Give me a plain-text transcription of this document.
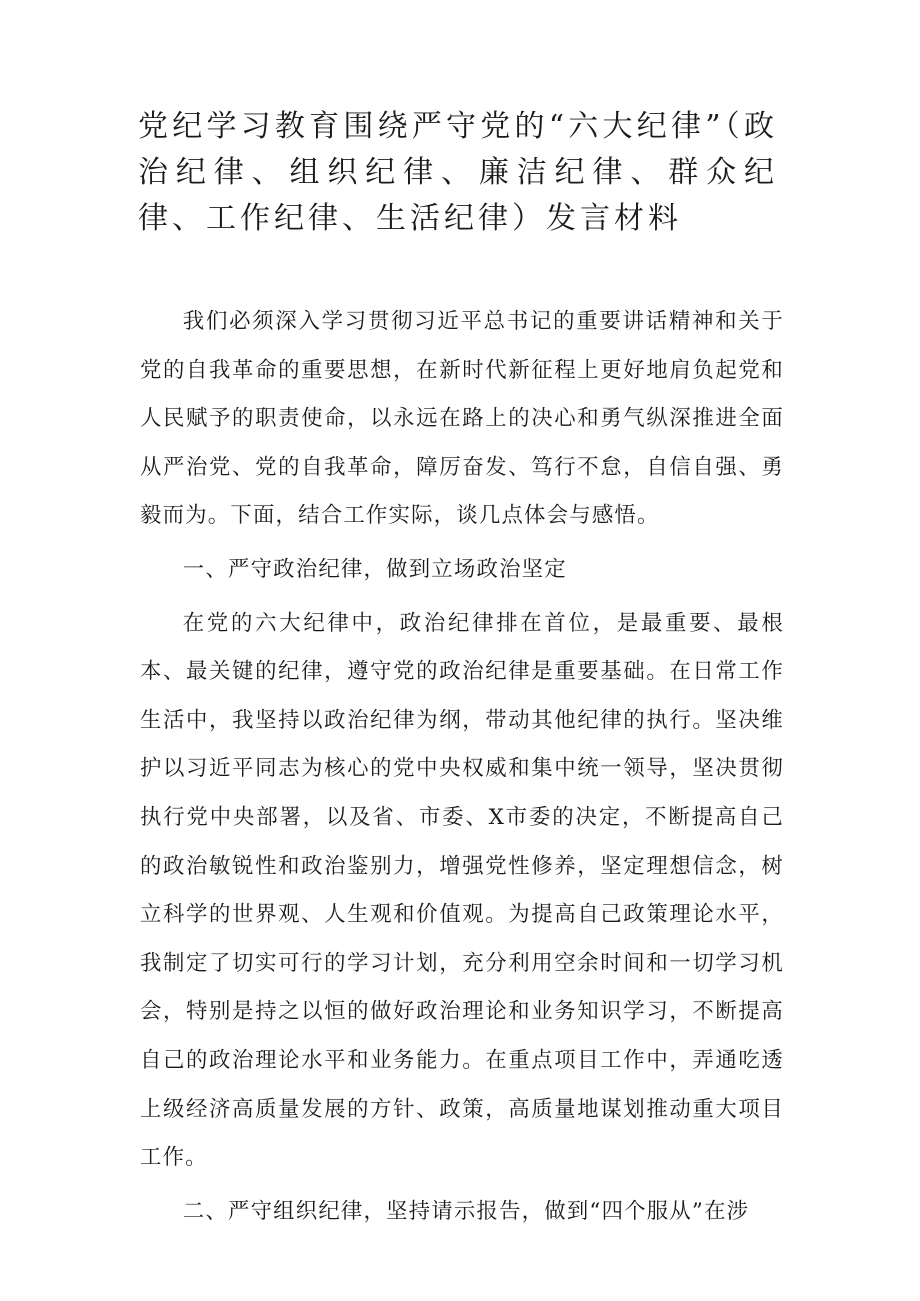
党纪学习教育围绕严守党的“六大纪律”（政治纪律、组织纪律、廉洁纪律、群众纪律、工作纪律、生活纪律）发言材料

我们必须深入学习贯彻习近平总书记的重要讲话精神和关于党的自我革命的重要思想，在新时代新征程上更好地肩负起党和人民赋予的职责使命，以永远在路上的决心和勇气纵深推进全面从严治党、党的自我革命，障厉奋发、笃行不怠，自信自强、勇毅而为。下面，结合工作实际，谈几点体会与感悟。

一、严守政治纪律，做到立场政治坚定

在党的六大纪律中，政治纪律排在首位，是最重要、最根本、最关键的纪律，遵守党的政治纪律是重要基础。在日常工作生活中，我坚持以政治纪律为纲，带动其他纪律的执行。坚决维护以习近平同志为核心的党中央权威和集中统一领导，坚决贯彻执行党中央部署，以及省、市委、X市委的决定，不断提高自己的政治敏锐性和政治鉴别力，增强党性修养，坚定理想信念，树立科学的世界观、人生观和价值观。为提高自己政策理论水平，我制定了切实可行的学习计划，充分利用空余时间和一切学习机会，特别是持之以恒的做好政治理论和业务知识学习，不断提高自己的政治理论水平和业务能力。在重点项目工作中，弄通吃透上级经济高质量发展的方针、政策，高质量地谋划推动重大项目工作。

二、严守组织纪律，坚持请示报告，做到“四个服从”在涉
